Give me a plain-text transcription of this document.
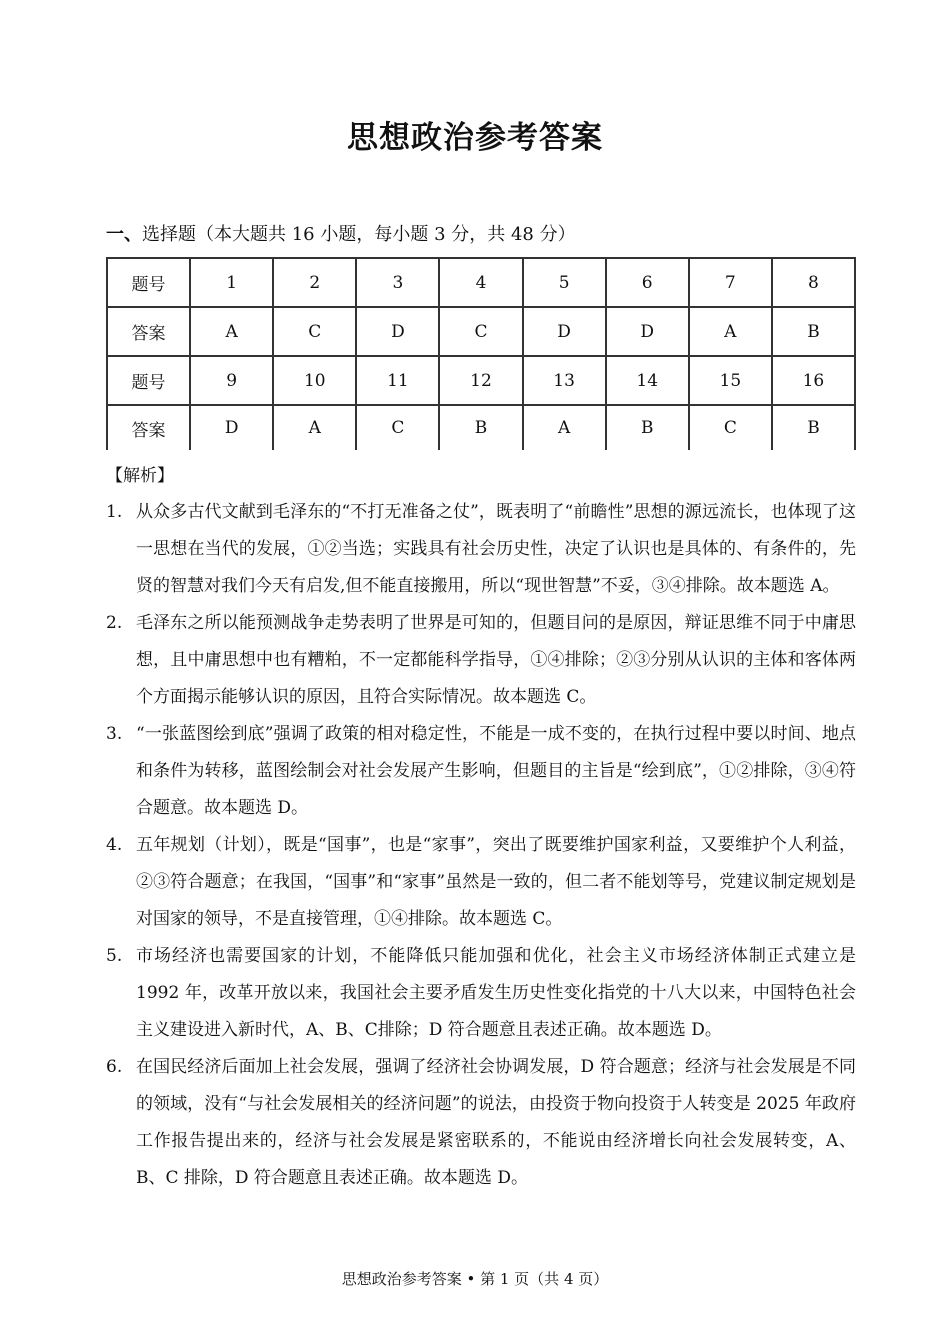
思想政治参考答案
一、选择题（本大题共 16 小题，每小题 3 分，共 48 分）
题号	1	2	3	4	5	6	7	8
答案	A	C	D	C	D	D	A	B
题号	9	10	11	12	13	14	15	16
答案	D	A	C	B	A	B	C	B
【解析】
1. 从众多古代文献到毛泽东的“不打无准备之仗”，既表明了“前瞻性”思想的源远流长，也体现了这一思想在当代的发展，①②当选；实践具有社会历史性，决定了认识也是具体的、有条件的，先贤的智慧对我们今天有启发,但不能直接搬用，所以“现世智慧”不妥，③④排除。故本题选 A。
2. 毛泽东之所以能预测战争走势表明了世界是可知的，但题目问的是原因，辩证思维不同于中庸思想，且中庸思想中也有糟粕，不一定都能科学指导，①④排除；②③分别从认识的主体和客体两个方面揭示能够认识的原因，且符合实际情况。故本题选 C。
3. “一张蓝图绘到底”强调了政策的相对稳定性，不能是一成不变的，在执行过程中要以时间、地点和条件为转移，蓝图绘制会对社会发展产生影响，但题目的主旨是“绘到底”，①②排除，③④符合题意。故本题选 D。
4. 五年规划（计划），既是“国事”，也是“家事”，突出了既要维护国家利益，又要维护个人利益，②③符合题意；在我国，“国事”和“家事”虽然是一致的，但二者不能划等号，党建议制定规划是对国家的领导，不是直接管理，①④排除。故本题选 C。
5. 市场经济也需要国家的计划，不能降低只能加强和优化，社会主义市场经济体制正式建立是 1992 年，改革开放以来，我国社会主要矛盾发生历史性变化指党的十八大以来，中国特色社会主义建设进入新时代，A、B、C排除；D 符合题意且表述正确。故本题选 D。
6. 在国民经济后面加上社会发展，强调了经济社会协调发展，D 符合题意；经济与社会发展是不同的领域，没有“与社会发展相关的经济问题”的说法，由投资于物向投资于人转变是 2025 年政府工作报告提出来的，经济与社会发展是紧密联系的，不能说由经济增长向社会发展转变，A、B、C 排除，D 符合题意且表述正确。故本题选 D。
思想政治参考答案 • 第 1 页（共 4 页）
